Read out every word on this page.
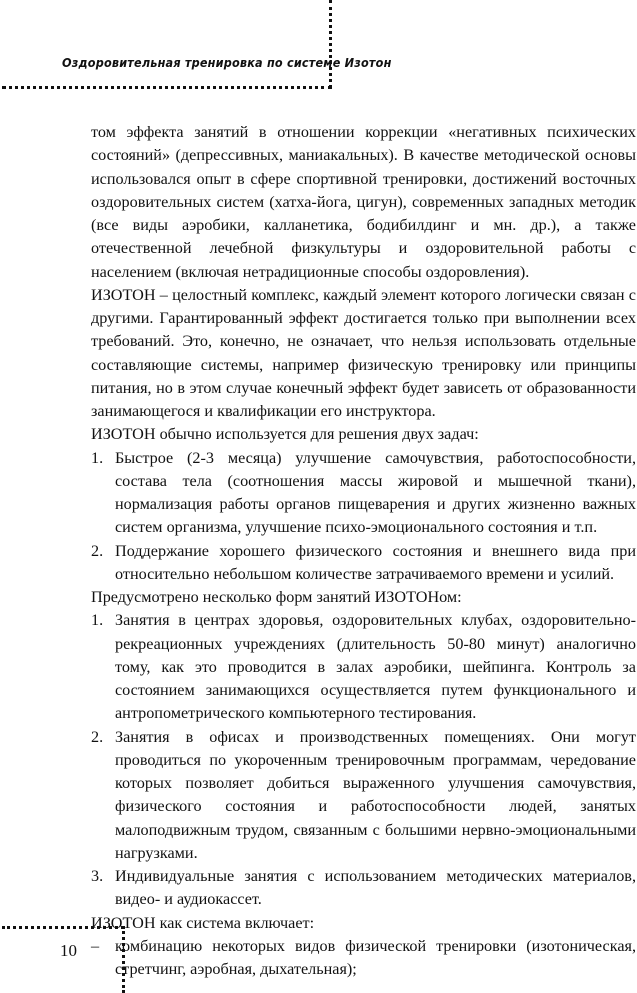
Оздоровительная тренировка по системе Изотон

том эффекта занятий в отношении коррекции «негативных психических состояний» (депрессивных, маниакальных). В качестве методической основы использовался опыт в сфере спортивной тренировки, достижений восточных оздоровительных систем (хатха-йога, цигун), современных западных методик (все виды аэробики, калланетика, бодибилдинг и мн. др.), а также отечественной лечебной физкультуры и оздоровительной работы с населением (включая нетрадиционные способы оздоровления).

ИЗОТОН – целостный комплекс, каждый элемент которого логически связан с другими. Гарантированный эффект достигается только при выполнении всех требований. Это, конечно, не означает, что нельзя использовать отдельные составляющие системы, например физическую тренировку или принципы питания, но в этом случае конечный эффект будет зависеть от образованности занимающегося и квалификации его инструктора.

ИЗОТОН обычно используется для решения двух задач:

1. Быстрое (2-3 месяца) улучшение самочувствия, работоспособности, состава тела (соотношения массы жировой и мышечной ткани), нормализация работы органов пищеварения и других жизненно важных систем организма, улучшение психо-эмоционального состояния и т.п.
2. Поддержание хорошего физического состояния и внешнего вида при относительно небольшом количестве затрачиваемого времени и усилий.

Предусмотрено несколько форм занятий ИЗОТОНом:

1. Занятия в центрах здоровья, оздоровительных клубах, оздоровительно-рекреационных учреждениях (длительность 50-80 минут) аналогично тому, как это проводится в залах аэробики, шейпинга. Контроль за состоянием занимающихся осуществляется путем функционального и антропометрического компьютерного тестирования.
2. Занятия в офисах и производственных помещениях. Они могут проводиться по укороченным тренировочным программам, чередование которых позволяет добиться выраженного улучшения самочувствия, физического состояния и работоспособности людей, занятых малоподвижным трудом, связанным с большими нервно-эмоциональными нагрузками.
3. Индивидуальные занятия с использованием методических материалов, видео- и аудиокассет.

ИЗОТОН как система включает:

– комбинацию некоторых видов физической тренировки (изотоническая, стретчинг, аэробная, дыхательная);
10
